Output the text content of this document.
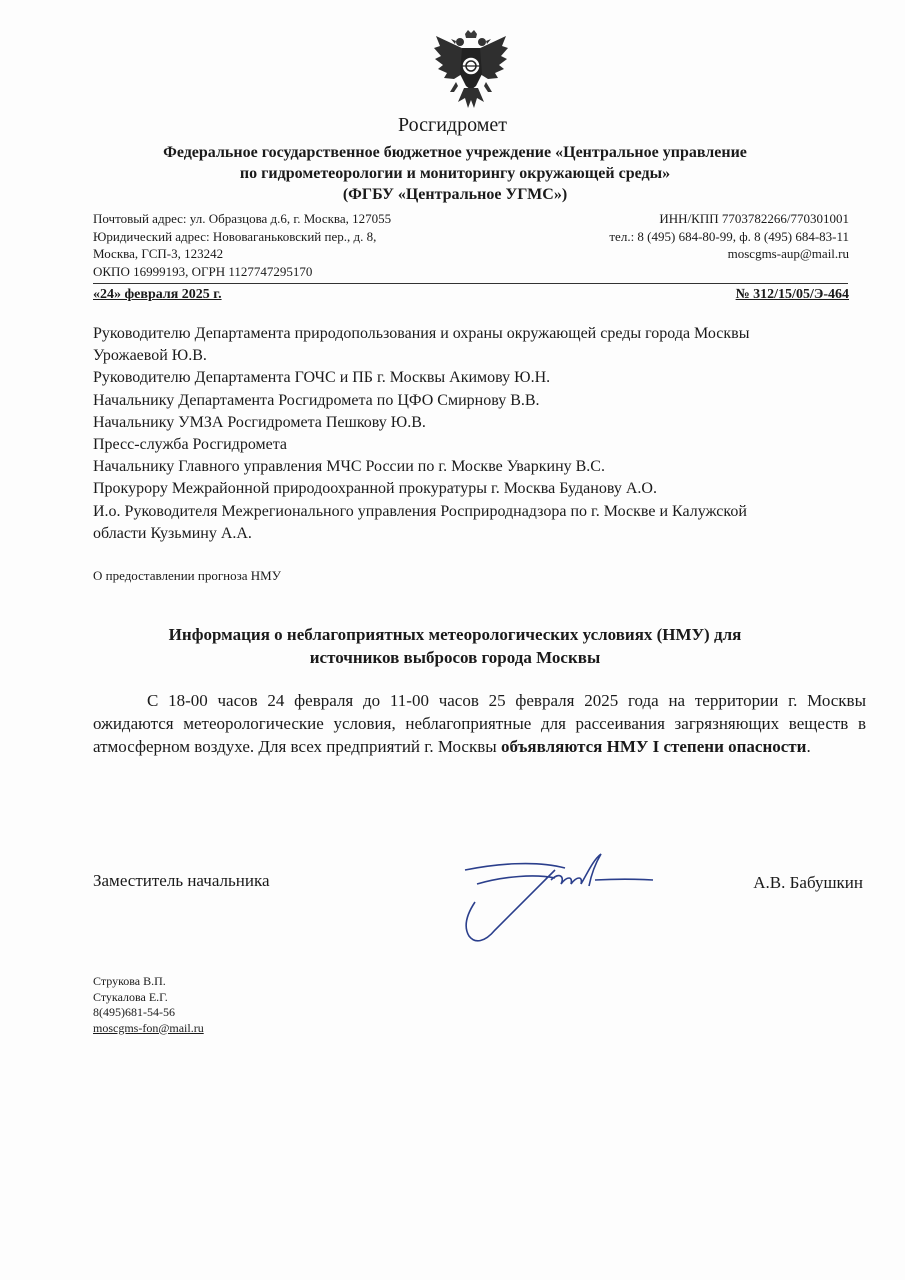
Росгидромет
Федеральное государственное бюджетное учреждение «Центральное управление
по гидрометеорологии и мониторингу окружающей среды»
(ФГБУ «Центральное УГМС»)
Почтовый адрес: ул. Образцова д.6, г. Москва, 127055
Юридический адрес: Нововаганьковский пер., д. 8,
Москва, ГСП-3, 123242
ОКПО 16999193, ОГРН 1127747295170
ИНН/КПП 7703782266/770301001
тел.: 8 (495) 684-80-99, ф. 8 (495) 684-83-11
moscgms-aup@mail.ru
«24» февраля 2025 г.	№ 312/15/05/Э-464
Руководителю Департамента природопользования и охраны окружающей среды города Москвы
Урожаевой Ю.В.
Руководителю Департамента ГОЧС и ПБ г. Москвы Акимову Ю.Н.
Начальнику Департамента Росгидромета по ЦФО Смирнову В.В.
Начальнику УМЗА Росгидромета Пешкову Ю.В.
Пресс-служба Росгидромета
Начальнику Главного управления МЧС России по г. Москве Уваркину В.С.
Прокурору Межрайонной природоохранной прокуратуры г. Москва Буданову А.О.
И.о. Руководителя Межрегионального управления Росприроднадзора по г. Москве и Калужской
области Кузьмину А.А.
О предоставлении прогноза НМУ
Информация о неблагоприятных метеорологических условиях (НМУ) для
источников выбросов города Москвы
С 18-00 часов 24 февраля до 11-00 часов 25 февраля 2025 года на территории г. Москвы ожидаются метеорологические условия, неблагоприятные для рассеивания загрязняющих веществ в атмосферном воздухе. Для всех предприятий г. Москвы объявляются НМУ I степени опасности.
Заместитель начальника	А.В. Бабушкин
Струкова В.П.
Стукалова Е.Г.
8(495)681-54-56
moscgms-fon@mail.ru
